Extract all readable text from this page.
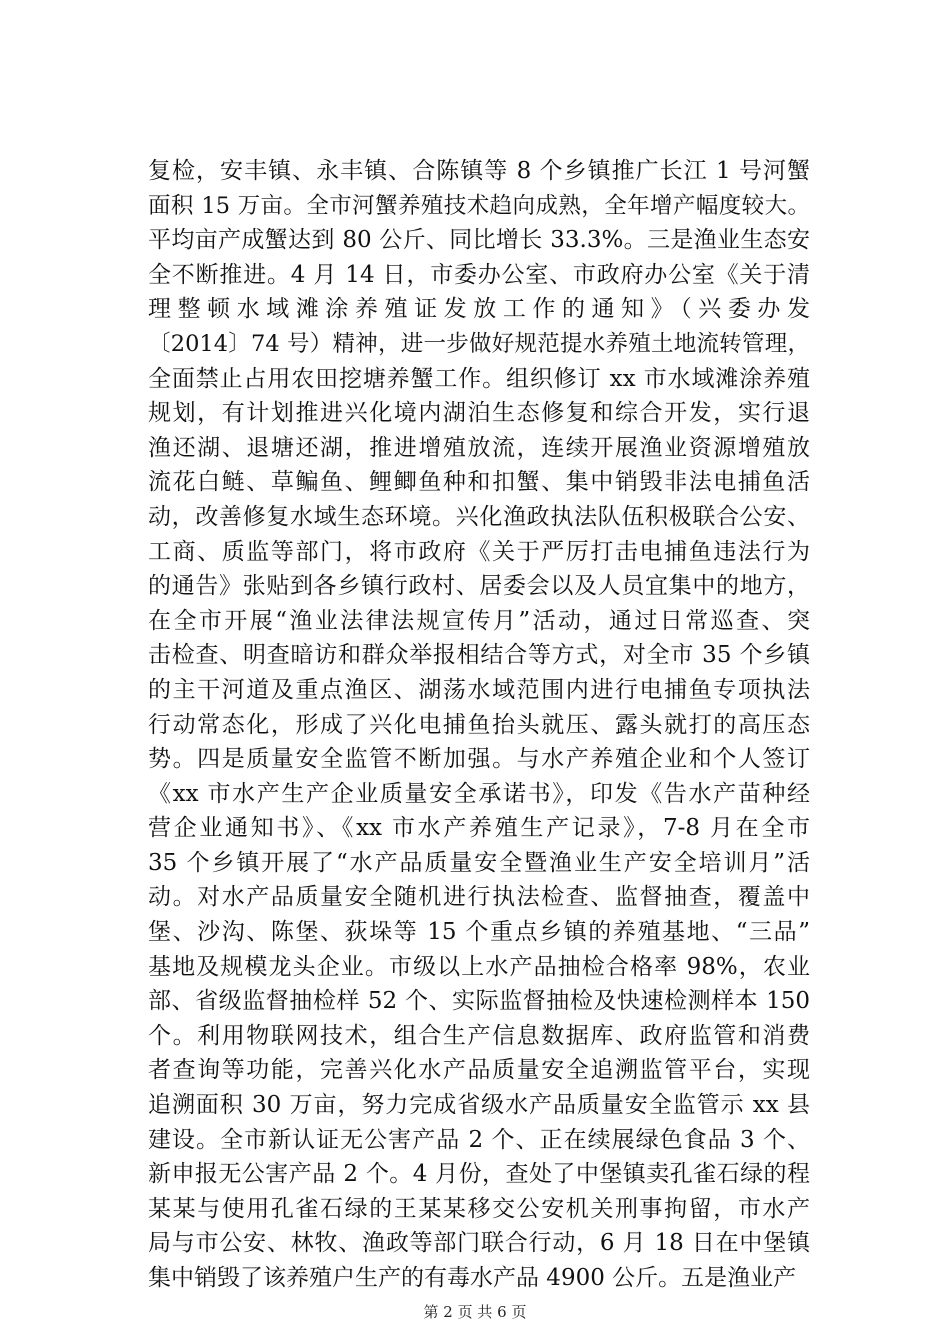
复检，安丰镇、永丰镇、合陈镇等 8 个乡镇推广长江 1 号河蟹
面积 15 万亩。全市河蟹养殖技术趋向成熟，全年增产幅度较大。
平均亩产成蟹达到 80 公斤、同比增长 33.3%。三是渔业生态安
全不断推进。4 月 14 日，市委办公室、市政府办公室《关于清
理整顿水域滩涂养殖证发放工作的通知》（兴委办发
〔2014〕74 号）精神，进一步做好规范提水养殖土地流转管理，
全面禁止占用农田挖塘养蟹工作。组织修订 xx 市水域滩涂养殖
规划，有计划推进兴化境内湖泊生态修复和综合开发，实行退
渔还湖、退塘还湖，推进增殖放流，连续开展渔业资源增殖放
流花白鲢、草鳊鱼、鲤鲫鱼种和扣蟹、集中销毁非法电捕鱼活
动，改善修复水域生态环境。兴化渔政执法队伍积极联合公安、
工商、质监等部门，将市政府《关于严厉打击电捕鱼违法行为
的通告》张贴到各乡镇行政村、居委会以及人员宜集中的地方，
在全市开展“渔业法律法规宣传月”活动，通过日常巡查、突
击检查、明查暗访和群众举报相结合等方式，对全市 35 个乡镇
的主干河道及重点渔区、湖荡水域范围内进行电捕鱼专项执法
行动常态化，形成了兴化电捕鱼抬头就压、露头就打的高压态
势。四是质量安全监管不断加强。与水产养殖企业和个人签订
《xx 市水产生产企业质量安全承诺书》，印发《告水产苗种经
营企业通知书》、《xx 市水产养殖生产记录》，7-8 月在全市
35 个乡镇开展了“水产品质量安全暨渔业生产安全培训月”活
动。对水产品质量安全随机进行执法检查、监督抽查，覆盖中
堡、沙沟、陈堡、荻垛等 15 个重点乡镇的养殖基地、“三品”
基地及规模龙头企业。市级以上水产品抽检合格率 98%，农业
部、省级监督抽检样 52 个、实际监督抽检及快速检测样本 150
个。利用物联网技术，组合生产信息数据库、政府监管和消费
者查询等功能，完善兴化水产品质量安全追溯监管平台，实现
追溯面积 30 万亩，努力完成省级水产品质量安全监管示 xx 县
建设。全市新认证无公害产品 2 个、正在续展绿色食品 3 个、
新申报无公害产品 2 个。4 月份，查处了中堡镇卖孔雀石绿的程
某某与使用孔雀石绿的王某某移交公安机关刑事拘留，市水产
局与市公安、林牧、渔政等部门联合行动，6 月 18 日在中堡镇
集中销毁了该养殖户生产的有毒水产品 4900 公斤。五是渔业产
第 2 页 共 6 页
